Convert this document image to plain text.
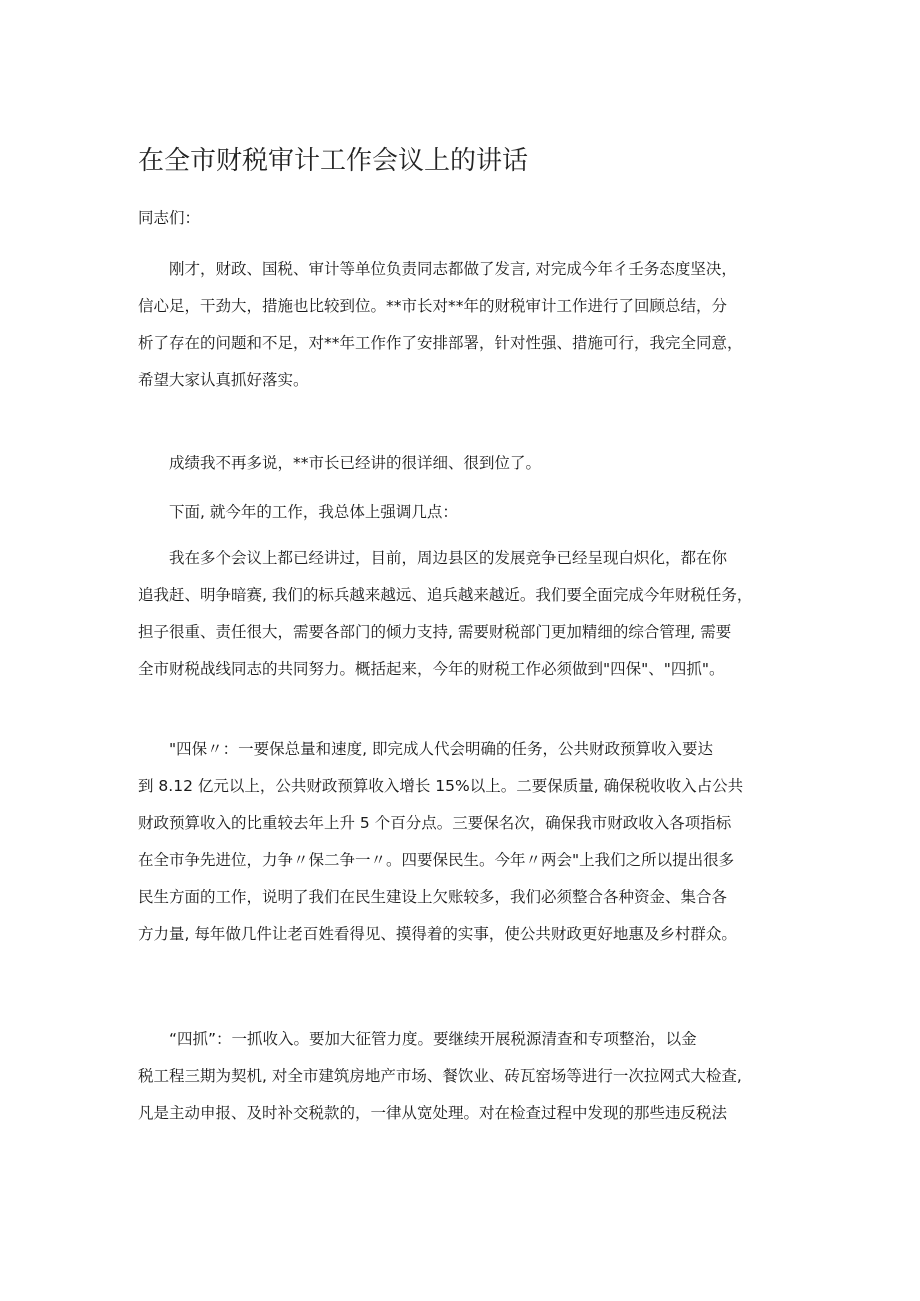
在全市财税审计工作会议上的讲话
同志们：

　　刚才，财政、国税、审计等单位负责同志都做了发言, 对完成今年彳壬务态度坚决，
信心足，干劲大，措施也比较到位。**市长对**年的财税审计工作进行了回顾总结，分
析了存在的问题和不足，对**年工作作了安排部署，针对性强、措施可行，我完全同意，
希望大家认真抓好落实。

　　成绩我不再多说，**市长已经讲的很详细、很到位了。

　　下面, 就今年的工作，我总体上强调几点：

　　我在多个会议上都已经讲过，目前，周边县区的发展竞争已经呈现白炽化，都在你
追我赶、明争暗赛, 我们的标兵越来越远、追兵越来越近。我们要全面完成今年财税任务，
担子很重、责任很大，需要各部门的倾力支持, 需要财税部门更加精细的综合管理, 需要
全市财税战线同志的共同努力。概括起来，今年的财税工作必须做到"四保"、"四抓"。

　　"四保〃：一要保总量和速度, 即完成人代会明确的任务，公共财政预算收入要达
到 8.12 亿元以上，公共财政预算收入增长 15%以上。二要保质量, 确保税收收入占公共
财政预算收入的比重较去年上升 5 个百分点。三要保名次，确保我市财政收入各项指标
在全市争先进位，力争〃保二争一〃。四要保民生。今年〃两会"上我们之所以提出很多
民生方面的工作，说明了我们在民生建设上欠账较多，我们必须整合各种资金、集合各
方力量, 每年做几件让老百姓看得见、摸得着的实事，使公共财政更好地惠及乡村群众。

　　“四抓”：一抓收入。要加大征管力度。要继续开展税源清查和专项整治，以金
税工程三期为契机, 对全市建筑房地产市场、餐饮业、砖瓦窑场等进行一次拉网式大检查,
凡是主动申报、及时补交税款的，一律从宽处理。对在检查过程中发现的那些违反税法
